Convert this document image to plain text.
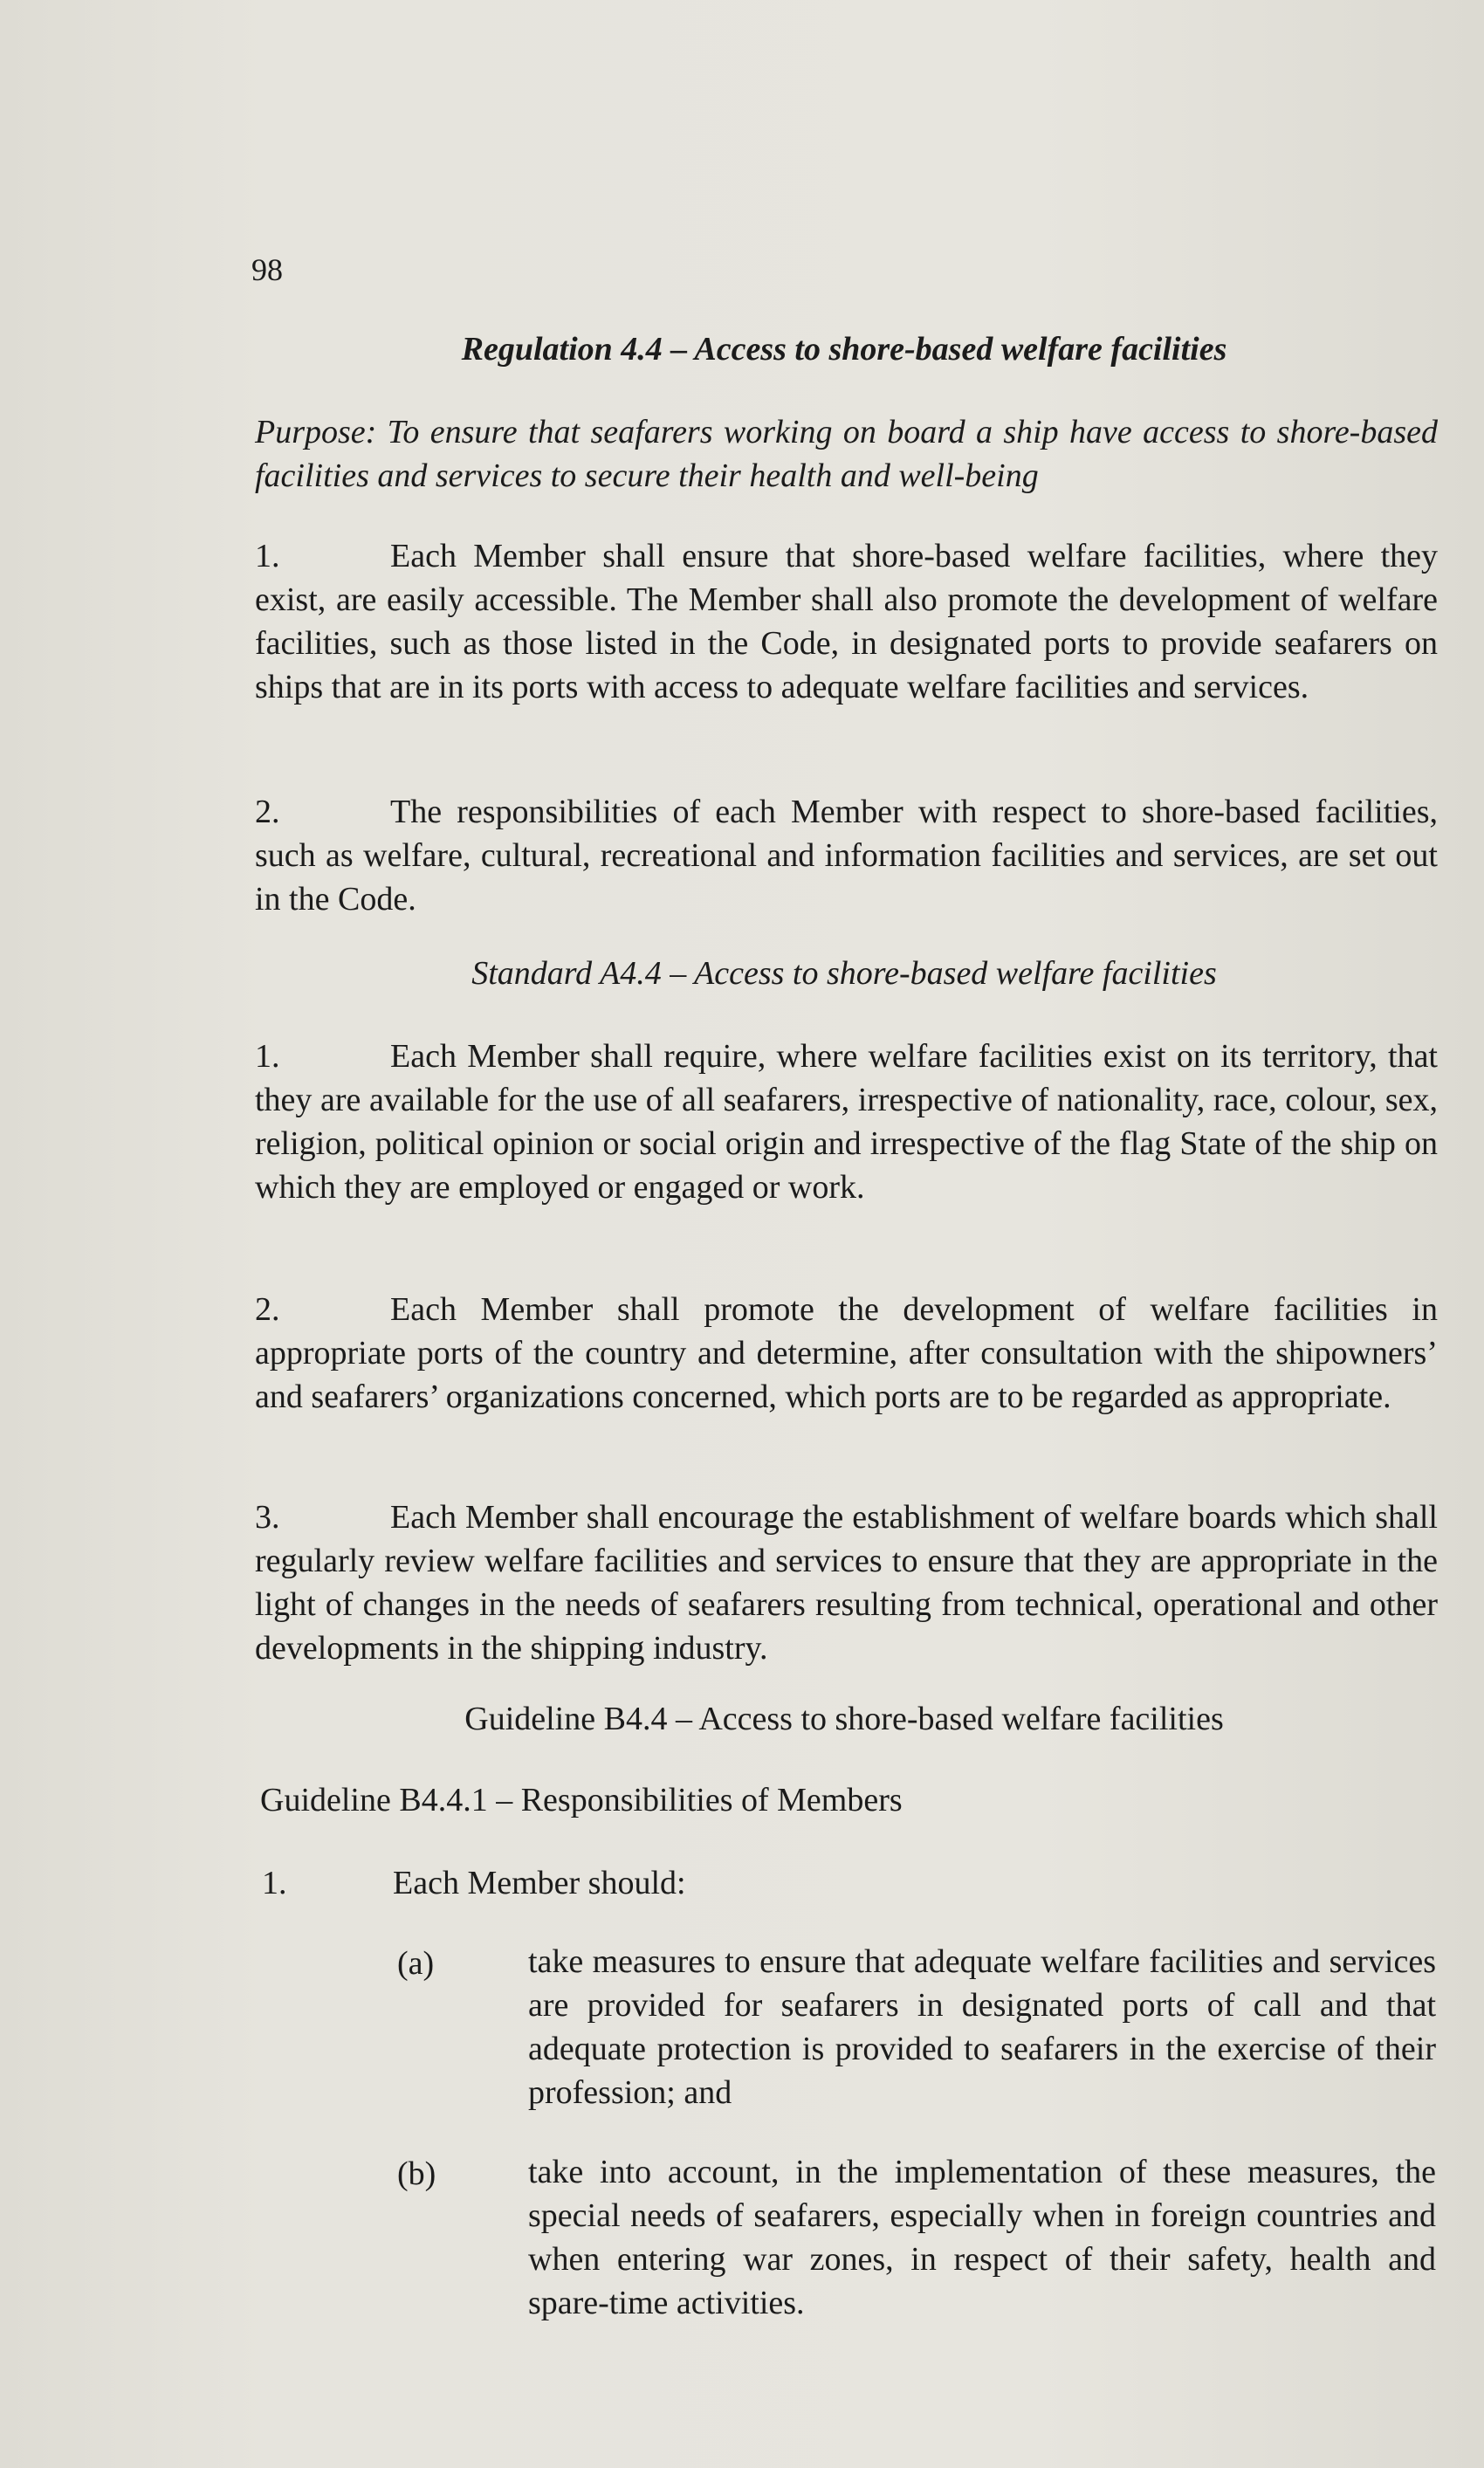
98
Regulation 4.4 – Access to shore-based welfare facilities
Purpose: To ensure that seafarers working on board a ship have access to shore-based facilities and services to secure their health and well-being
1.	Each Member shall ensure that shore-based welfare facilities, where they exist, are easily accessible. The Member shall also promote the development of welfare facilities, such as those listed in the Code, in designated ports to provide seafarers on ships that are in its ports with access to adequate welfare facilities and services.
2.	The responsibilities of each Member with respect to shore-based facilities, such as welfare, cultural, recreational and information facilities and services, are set out in the Code.
Standard A4.4 – Access to shore-based welfare facilities
1.	Each Member shall require, where welfare facilities exist on its territory, that they are available for the use of all seafarers, irrespective of nationality, race, colour, sex, religion, political opinion or social origin and irrespective of the flag State of the ship on which they are employed or engaged or work.
2.	Each Member shall promote the development of welfare facilities in appropriate ports of the country and determine, after consultation with the shipowners’ and seafarers’ organizations concerned, which ports are to be regarded as appropriate.
3.	Each Member shall encourage the establishment of welfare boards which shall regularly review welfare facilities and services to ensure that they are appropriate in the light of changes in the needs of seafarers resulting from technical, operational and other developments in the shipping industry.
Guideline B4.4 – Access to shore-based welfare facilities
Guideline B4.4.1 – Responsibilities of Members
1.	Each Member should:
(a)	take measures to ensure that adequate welfare facilities and services are provided for seafarers in designated ports of call and that adequate protection is provided to seafarers in the exercise of their profession; and
(b)	take into account, in the implementation of these measures, the special needs of seafarers, especially when in foreign countries and when entering war zones, in respect of their safety, health and spare-time activities.
